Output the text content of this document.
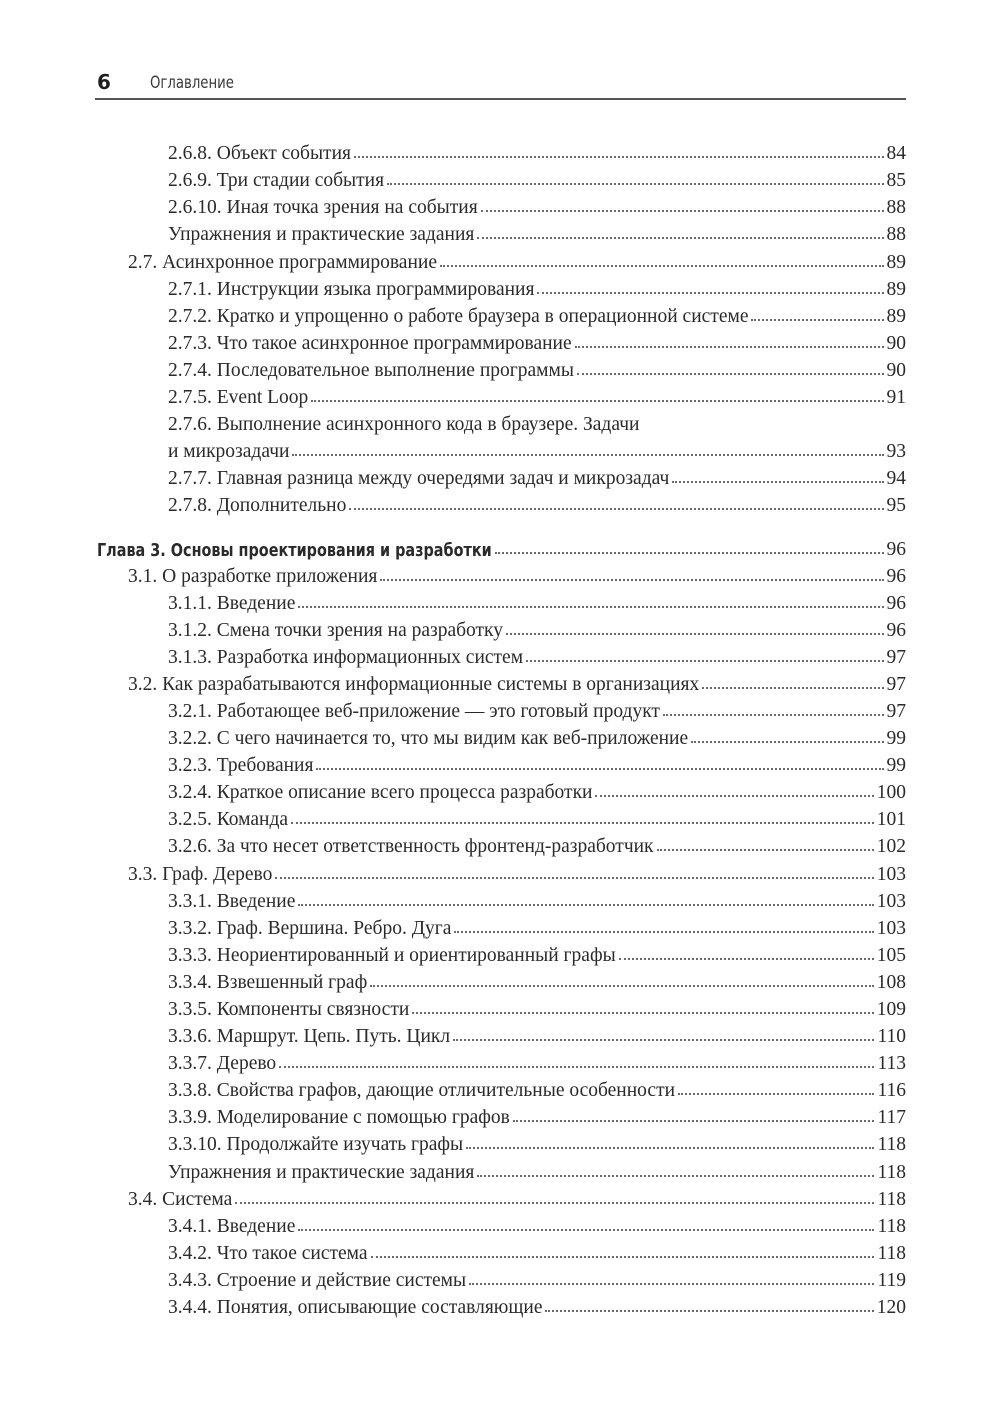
6 Оглавление
2.6.8. Объект события	84
2.6.9. Три стадии события	85
2.6.10. Иная точка зрения на события	88
Упражнения и практические задания	88
2.7. Асинхронное программирование	89
2.7.1. Инструкции языка программирования	89
2.7.2. Кратко и упрощенно о работе браузера в операционной системе	89
2.7.3. Что такое асинхронное программирование	90
2.7.4. Последовательное выполнение программы	90
2.7.5. Event Loop	91
2.7.6. Выполнение асинхронного кода в браузере. Задачи
и микрозадачи	93
2.7.7. Главная разница между очередями задач и микрозадач	94
2.7.8. Дополнительно	95
Глава 3. Основы проектирования и разработки	96
3.1. О разработке приложения	96
3.1.1. Введение	96
3.1.2. Смена точки зрения на разработку	96
3.1.3. Разработка информационных систем	97
3.2. Как разрабатываются информационные системы в организациях	97
3.2.1. Работающее веб-приложение — это готовый продукт	97
3.2.2. С чего начинается то, что мы видим как веб-приложение	99
3.2.3. Требования	99
3.2.4. Краткое описание всего процесса разработки	100
3.2.5. Команда	101
3.2.6. За что несет ответственность фронтенд-разработчик	102
3.3. Граф. Дерево	103
3.3.1. Введение	103
3.3.2. Граф. Вершина. Ребро. Дуга	103
3.3.3. Неориентированный и ориентированный графы	105
3.3.4. Взвешенный граф	108
3.3.5. Компоненты связности	109
3.3.6. Маршрут. Цепь. Путь. Цикл	110
3.3.7. Дерево	113
3.3.8. Свойства графов, дающие отличительные особенности	116
3.3.9. Моделирование с помощью графов	117
3.3.10. Продолжайте изучать графы	118
Упражнения и практические задания	118
3.4. Система	118
3.4.1. Введение	118
3.4.2. Что такое система	118
3.4.3. Строение и действие системы	119
3.4.4. Понятия, описывающие составляющие	120
